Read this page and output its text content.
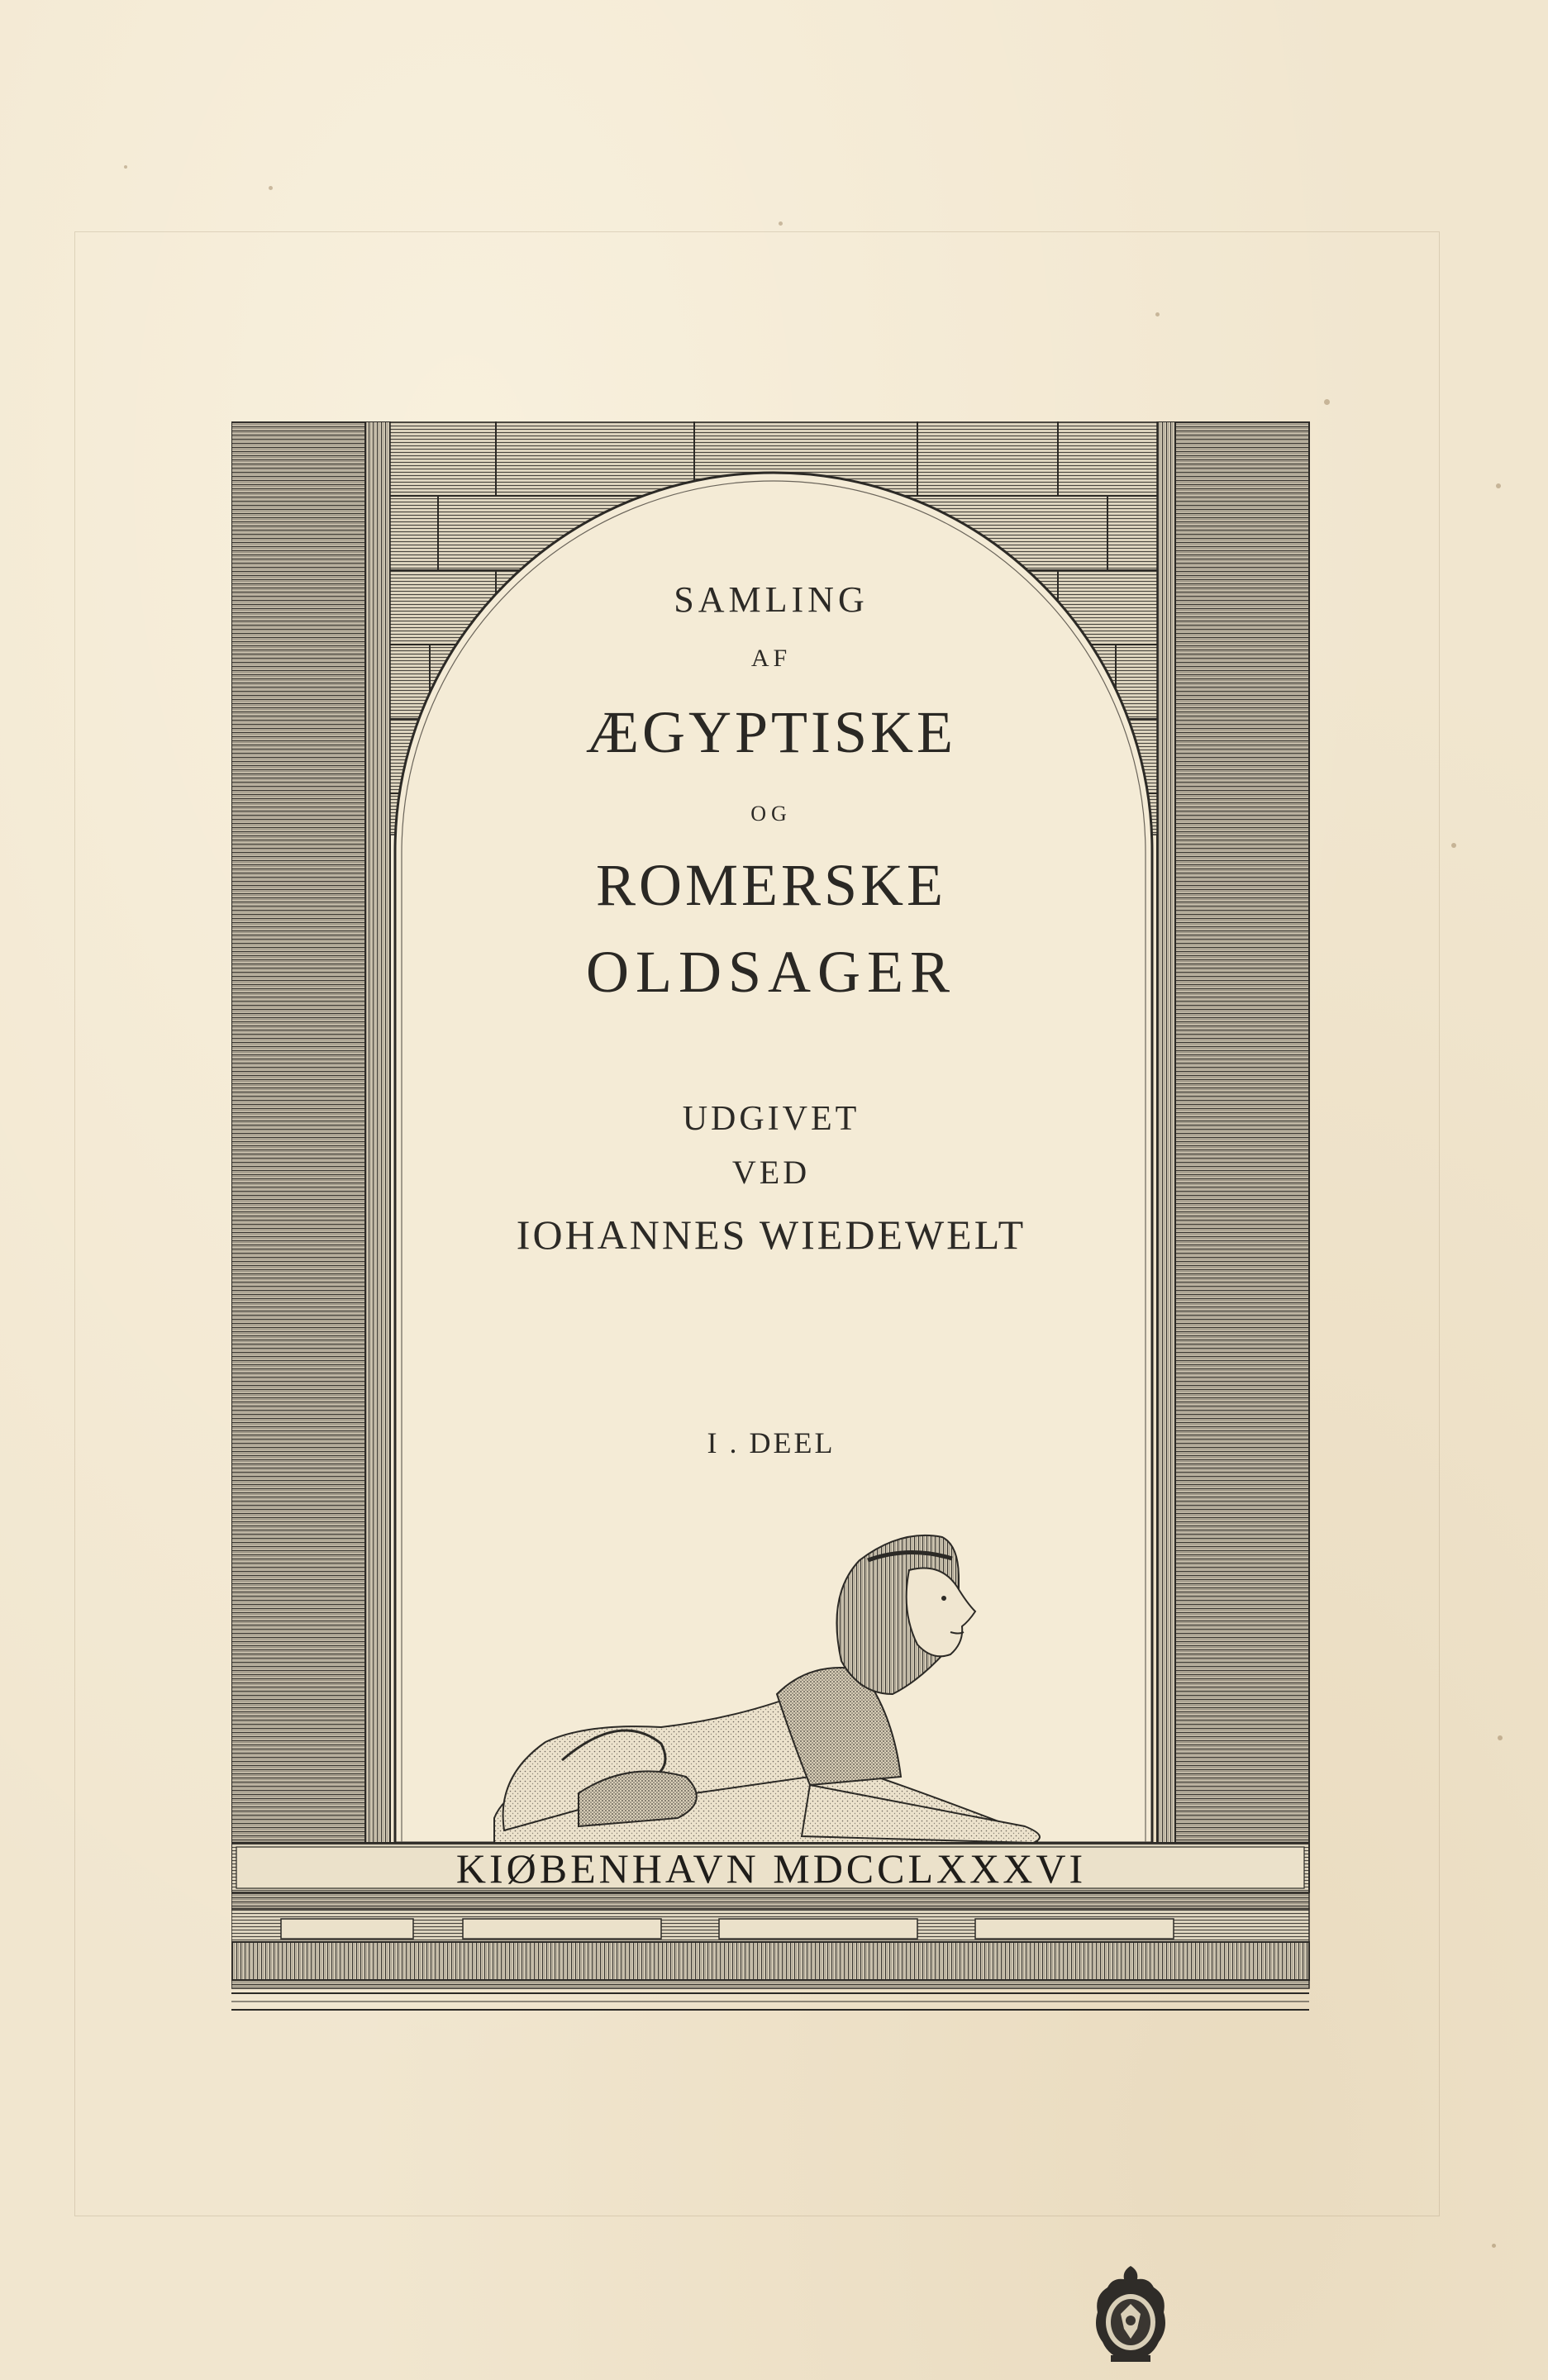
SAMLING
AF
ÆGYPTISKE
OG
ROMERSKE
OLDSAGER
UDGIVET
VED
IOHANNES WIEDEWELT
I . DEEL
KIØBENHAVN MDCCLXXXVI
